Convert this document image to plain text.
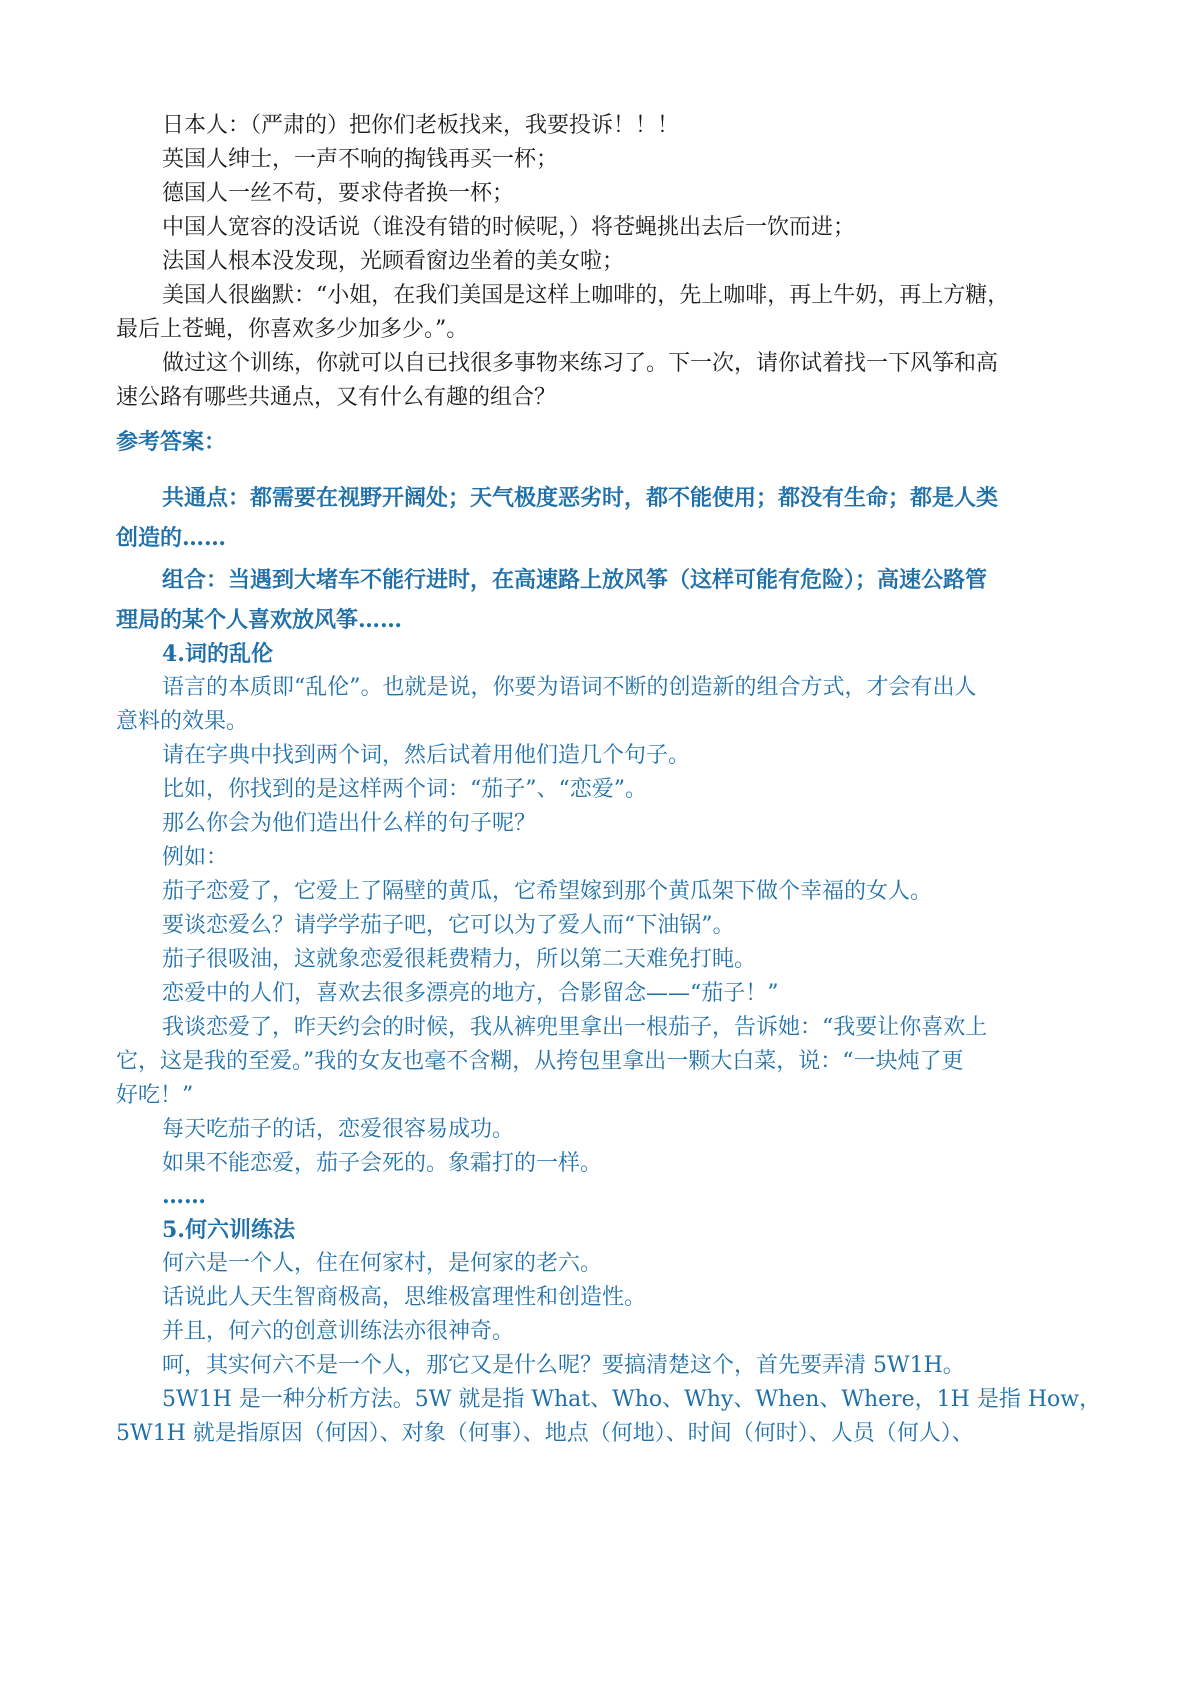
日本人：（严肃的）把你们老板找来，我要投诉！！！
英国人绅士，一声不响的掏钱再买一杯；
德国人一丝不苟，要求侍者换一杯；
中国人宽容的没话说（谁没有错的时候呢，）将苍蝇挑出去后一饮而进；
法国人根本没发现，光顾看窗边坐着的美女啦；
美国人很幽默：“小姐，在我们美国是这样上咖啡的，先上咖啡，再上牛奶，再上方糖，
最后上苍蝇，你喜欢多少加多少。”。
做过这个训练，你就可以自已找很多事物来练习了。下一次，请你试着找一下风筝和高
速公路有哪些共通点，又有什么有趣的组合？
参考答案：
共通点：都需要在视野开阔处；天气极度恶劣时，都不能使用；都没有生命；都是人类
创造的……
组合：当遇到大堵车不能行进时，在高速路上放风筝（这样可能有危险）；高速公路管
理局的某个人喜欢放风筝……
4.词的乱伦
语言的本质即“乱伦”。也就是说，你要为语词不断的创造新的组合方式，才会有出人
意料的效果。
请在字典中找到两个词，然后试着用他们造几个句子。
比如，你找到的是这样两个词：“茄子”、“恋爱”。
那么你会为他们造出什么样的句子呢？
例如：
茄子恋爱了，它爱上了隔壁的黄瓜，它希望嫁到那个黄瓜架下做个幸福的女人。
要谈恋爱么？请学学茄子吧，它可以为了爱人而“下油锅”。
茄子很吸油，这就象恋爱很耗费精力，所以第二天难免打盹。
恋爱中的人们，喜欢去很多漂亮的地方，合影留念——“茄子！”
我谈恋爱了，昨天约会的时候，我从裤兜里拿出一根茄子，告诉她：“我要让你喜欢上
它，这是我的至爱。”我的女友也毫不含糊，从挎包里拿出一颗大白菜，说：“一块炖了更
好吃！”
每天吃茄子的话，恋爱很容易成功。
如果不能恋爱，茄子会死的。象霜打的一样。
……
5.何六训练法
何六是一个人，住在何家村，是何家的老六。
话说此人天生智商极高，思维极富理性和创造性。
并且，何六的创意训练法亦很神奇。
呵，其实何六不是一个人，那它又是什么呢？要搞清楚这个，首先要弄清 5W1H。
5W1H 是一种分析方法。5W 就是指 What、Who、Why、When、Where，1H 是指 How，
5W1H 就是指原因（何因）、对象（何事）、地点（何地）、时间（何时）、人员（何人）、
